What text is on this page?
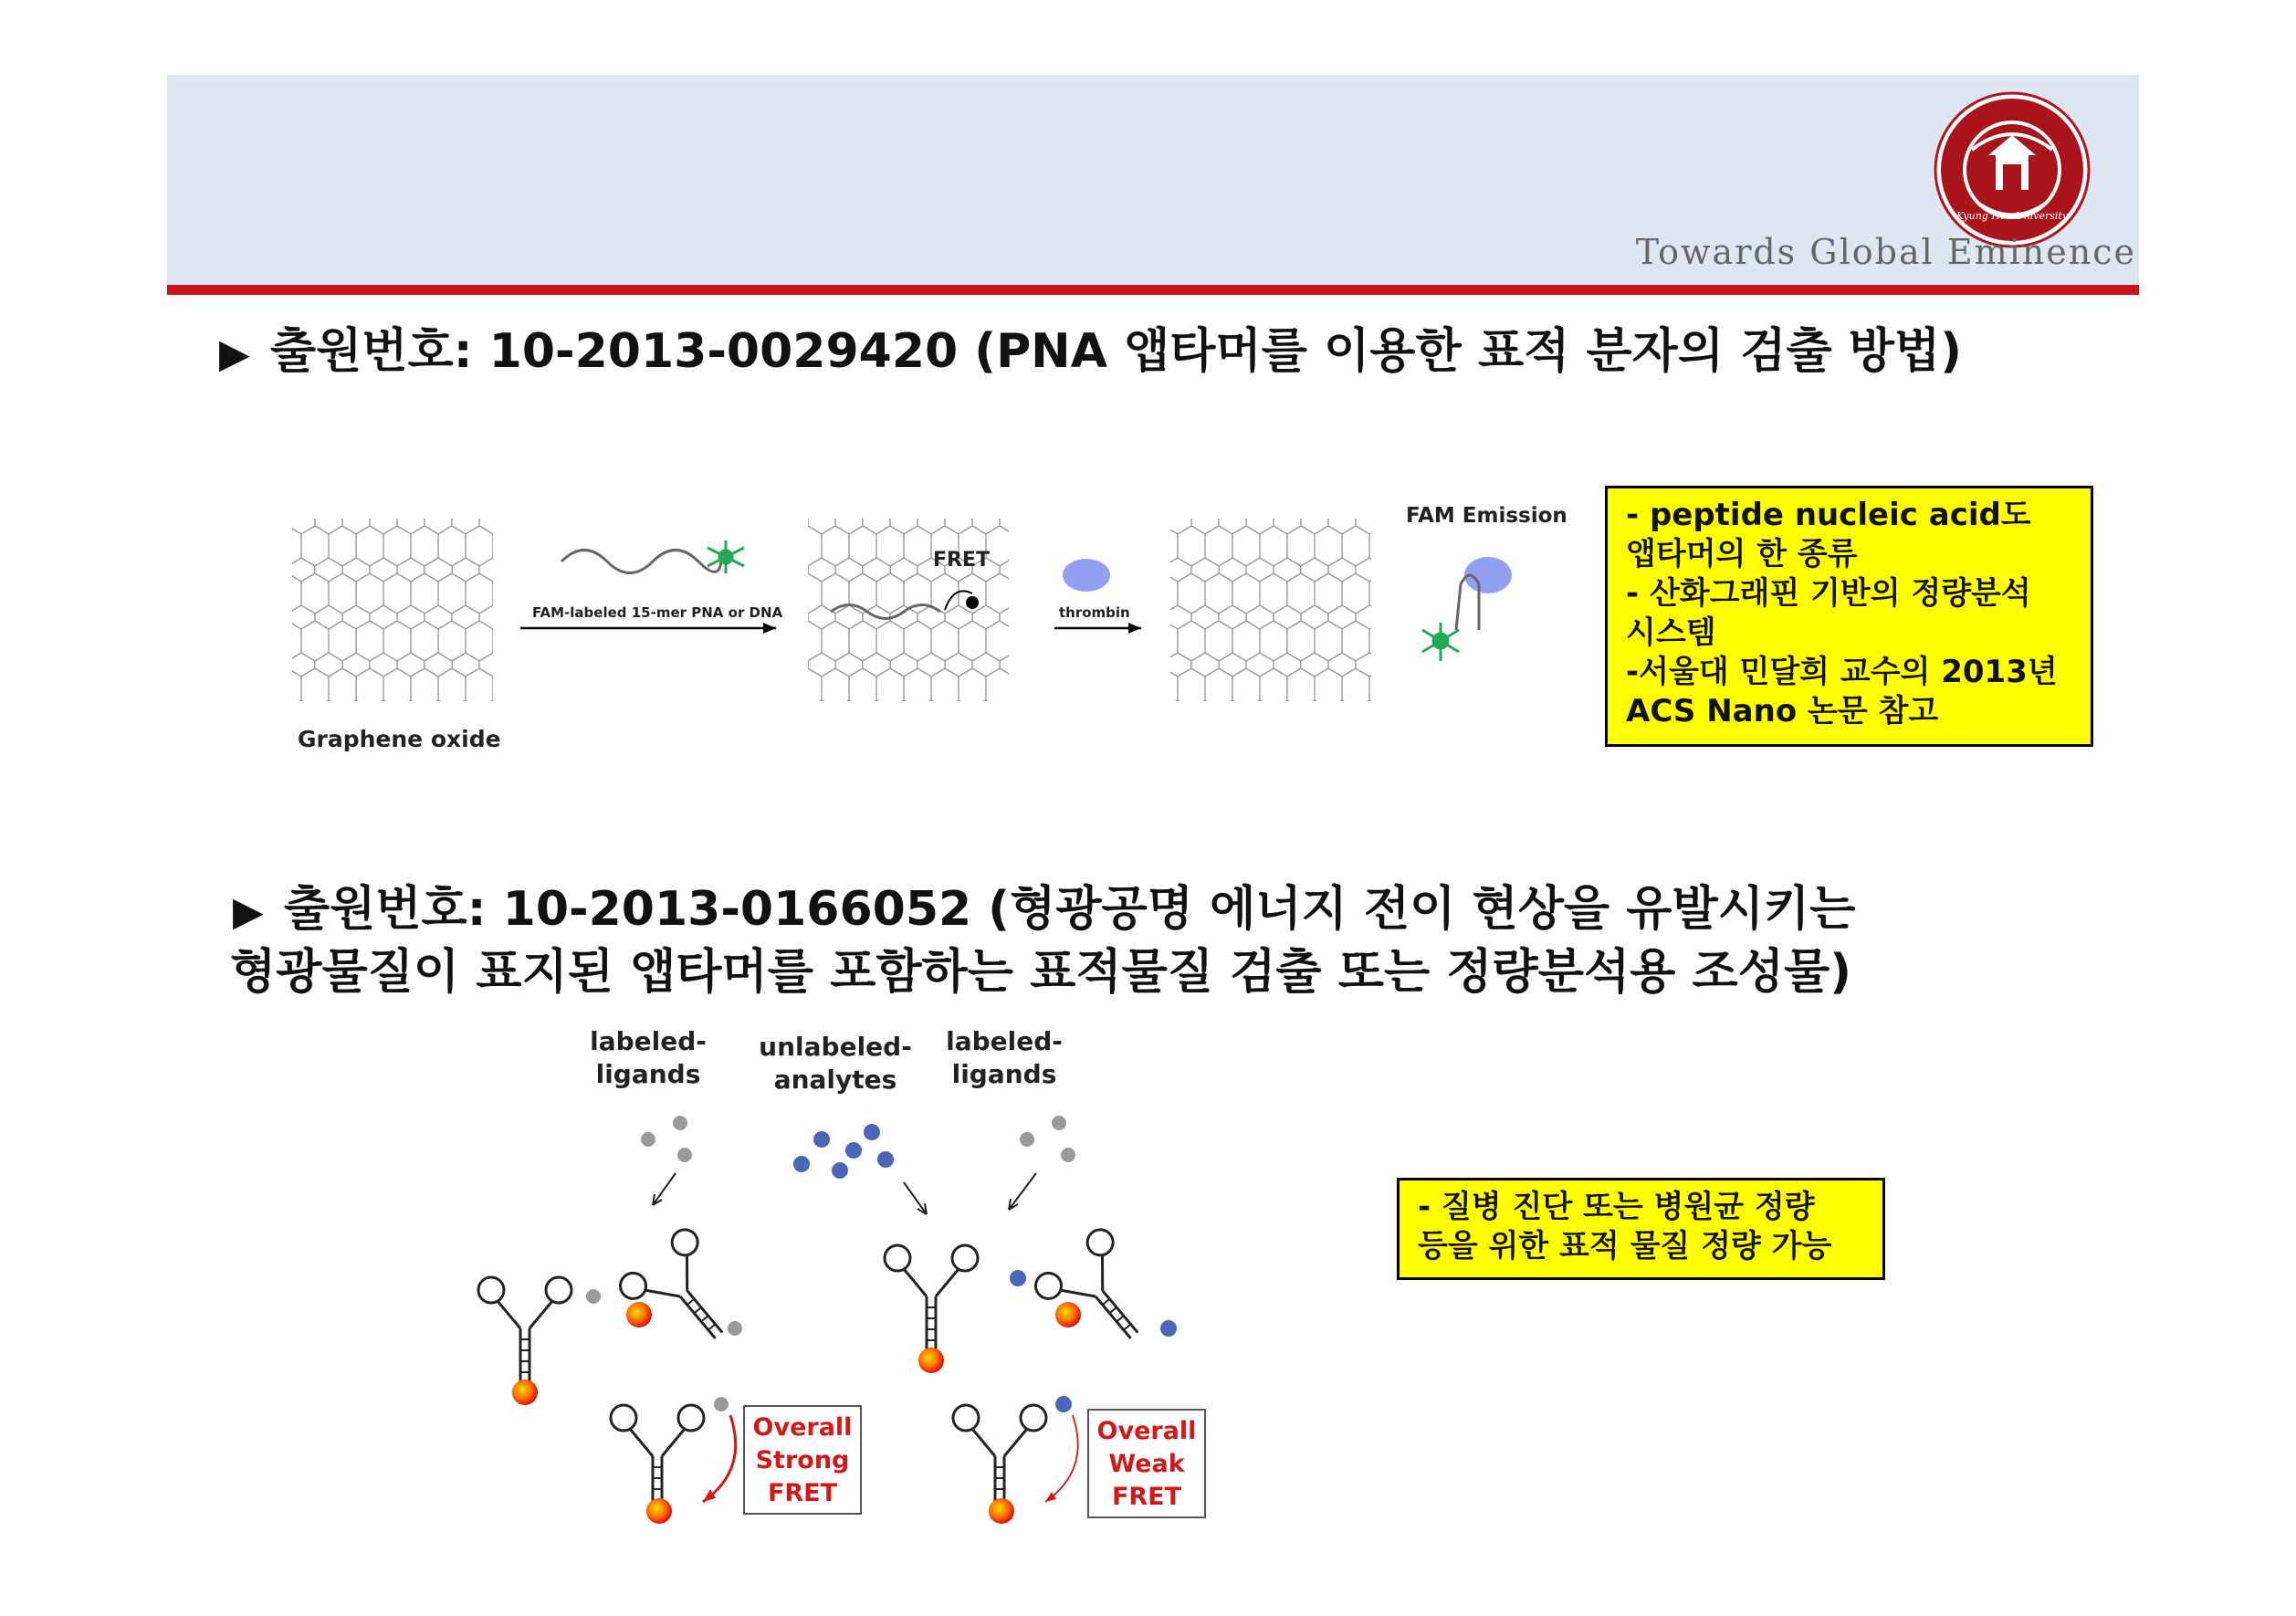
Kyung Hee University
Towards Global Eminence
▶ 출원번호: 10-2013-0029420 (PNA 앱타머를 이용한 표적 분자의 검출 방법)
Graphene oxide
FAM-labeled 15-mer PNA or DNA
FRET
thrombin
FAM Emission - peptide nucleic acid도
앱타머의 한 종류
- 산화그래핀 기반의 정량분석
시스템
-서울대 민달희 교수의 2013년
ACS Nano 논문 참고
▶ 출원번호: 10-2013-0166052 (형광공명 에너지 전이 현상을 유발시키는
형광물질이 표지된 앱타머를 포함하는 표적물질 검출 또는 정량분석용 조성물)
labeled-
ligands
unlabeled-
analytes
labeled-
ligands
Overall
Strong
FRET
Overall
Weak
FRET
- 질병 진단 또는 병원균 정량
등을 위한 표적 물질 정량 가능
